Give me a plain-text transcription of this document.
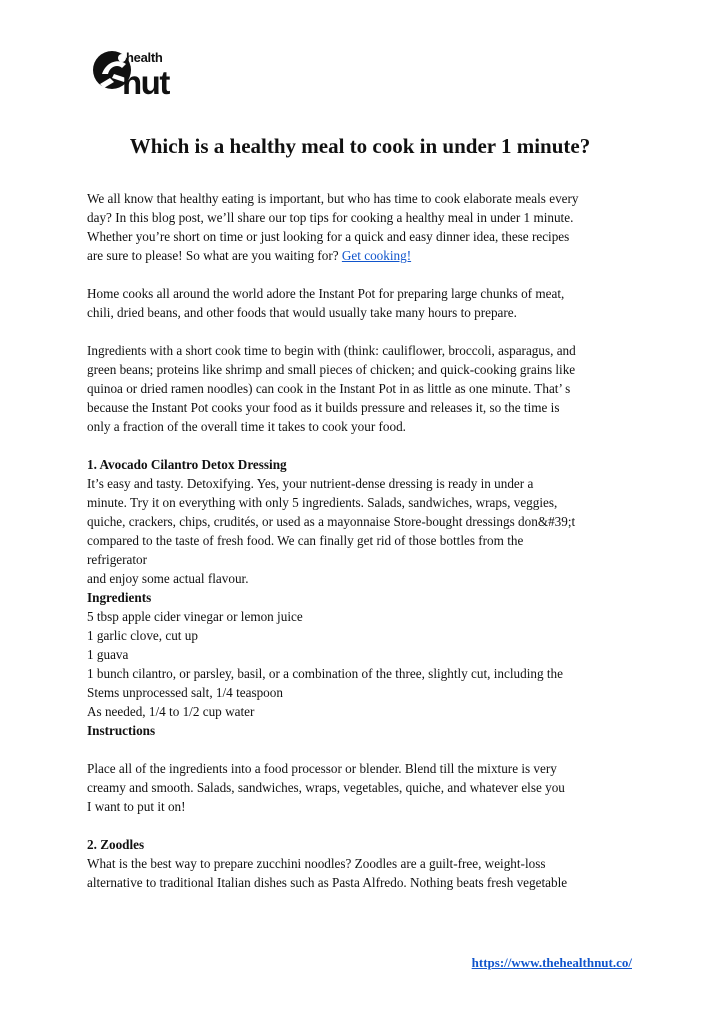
health
nut
Which is a healthy meal to cook in under 1 minute?

We all know that healthy eating is important, but who has time to cook elaborate meals every
day? In this blog post, we’ll share our top tips for cooking a healthy meal in under 1 minute.
Whether you’re short on time or just looking for a quick and easy dinner idea, these recipes
are sure to please! So what are you waiting for? Get cooking!

Home cooks all around the world adore the Instant Pot for preparing large chunks of meat,
chili, dried beans, and other foods that would usually take many hours to prepare.

Ingredients with a short cook time to begin with (think: cauliflower, broccoli, asparagus, and
green beans; proteins like shrimp and small pieces of chicken; and quick-cooking grains like
quinoa or dried ramen noodles) can cook in the Instant Pot in as little as one minute. That’ s
because the Instant Pot cooks your food as it builds pressure and releases it, so the time is
only a fraction of the overall time it takes to cook your food.

1. Avocado Cilantro Detox Dressing
It’s easy and tasty. Detoxifying. Yes, your nutrient-dense dressing is ready in under a
minute. Try it on everything with only 5 ingredients. Salads, sandwiches, wraps, veggies,
quiche, crackers, chips, crudités, or used as a mayonnaise Store-bought dressings don&#39;t
compared to the taste of fresh food. We can finally get rid of those bottles from the
refrigerator
and enjoy some actual flavour.
Ingredients
5 tbsp apple cider vinegar or lemon juice
1 garlic clove, cut up
1 guava
1 bunch cilantro, or parsley, basil, or a combination of the three, slightly cut, including the
Stems unprocessed salt, 1/4 teaspoon
As needed, 1/4 to 1/2 cup water
Instructions

Place all of the ingredients into a food processor or blender. Blend till the mixture is very
creamy and smooth. Salads, sandwiches, wraps, vegetables, quiche, and whatever else you
I want to put it on!

2. Zoodles
What is the best way to prepare zucchini noodles? Zoodles are a guilt-free, weight-loss
alternative to traditional Italian dishes such as Pasta Alfredo. Nothing beats fresh vegetable

https://www.thehealthnut.co/
